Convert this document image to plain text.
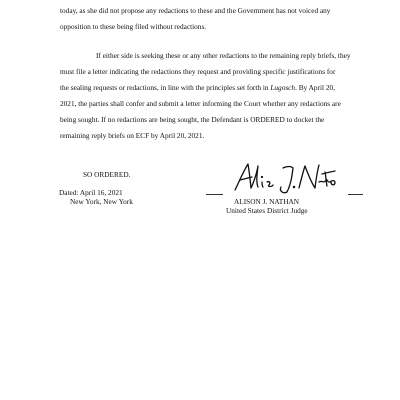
today, as she did not propose any redactions to these and the Government has not voiced any
opposition to these being filed without redactions.

If either side is seeking these or any other redactions to the remaining reply briefs, they
must file a letter indicating the redactions they request and providing specific justifications for
the sealing requests or redactions, in line with the principles set forth in Lugosch. By April 20,
2021, the parties shall confer and submit a letter informing the Court whether any redactions are
being sought. If no redactions are being sought, the Defendant is ORDERED to docket the
remaining reply briefs on ECF by April 20, 2021.

SO ORDERED.
Dated: April 16, 2021
New York, New York	ALISON J. NATHAN
United States District Judge
